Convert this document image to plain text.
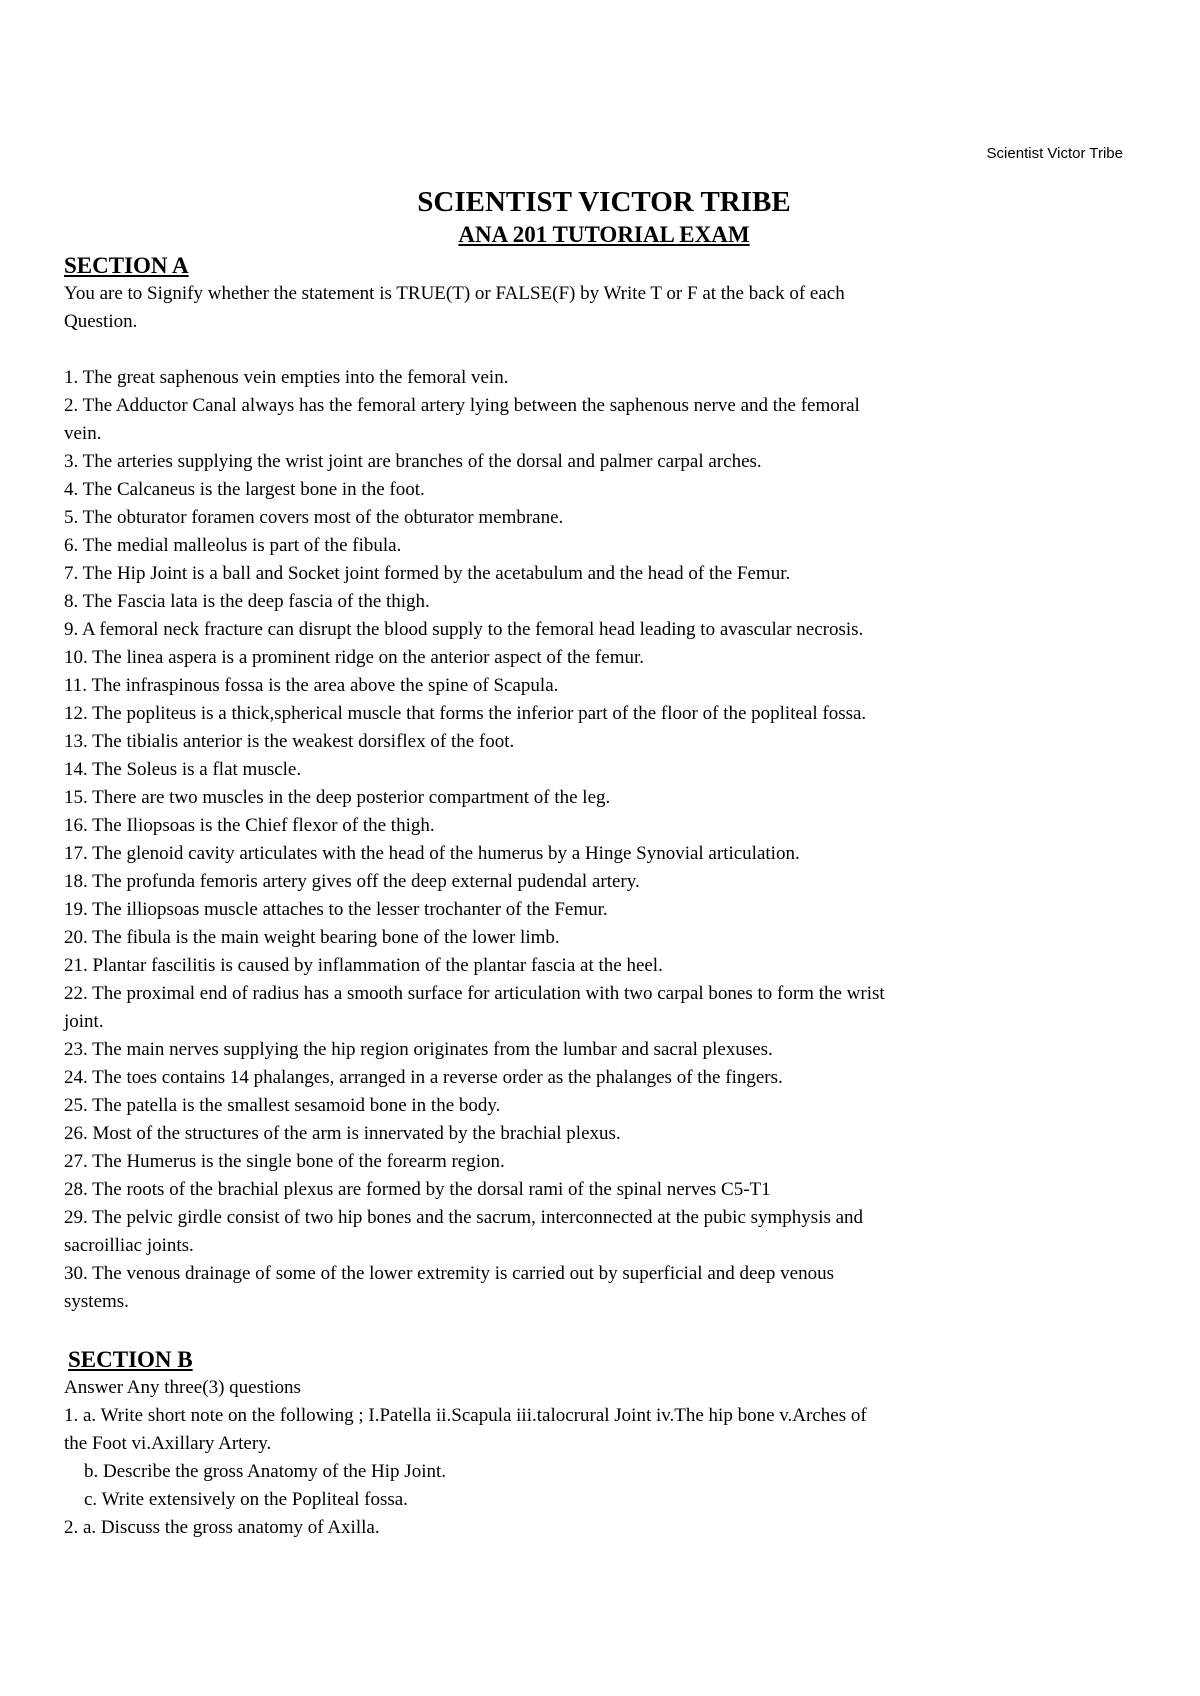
Scientist Victor Tribe

SCIENTIST VICTOR TRIBE

ANA 201 TUTORIAL EXAM

SECTION A

You are to Signify whether the statement is TRUE(T) or FALSE(F) by Write T or F at the back of each

Question.

1. The great saphenous vein empties into the femoral vein.

2. The Adductor Canal always has the femoral artery lying between the saphenous nerve and the femoral

vein.

3. The arteries supplying the wrist joint are branches of the dorsal and palmer carpal arches.

4. The Calcaneus is the largest bone in the foot.

5. The obturator foramen covers most of the obturator membrane.

6. The medial malleolus is part of the fibula.

7. The Hip Joint is a ball and Socket joint formed by the acetabulum and the head of the Femur.

8. The Fascia lata is the deep fascia of the thigh.

9. A femoral neck fracture can disrupt the blood supply to the femoral head leading to avascular necrosis.

10. The linea aspera is a prominent ridge on the anterior aspect of the femur.

11. The infraspinous fossa is the area above the spine of Scapula.

12. The popliteus is a thick,spherical muscle that forms the inferior part of the floor of the popliteal fossa.

13. The tibialis anterior is the weakest dorsiflex of the foot.

14. The Soleus is a flat muscle.

15. There are two muscles in the deep posterior compartment of the leg.

16. The Iliopsoas is the Chief flexor of the thigh.

17. The glenoid cavity articulates with the head of the humerus by a Hinge Synovial articulation.

18. The profunda femoris artery gives off the deep external pudendal artery.

19. The illiopsoas muscle attaches to the lesser trochanter of the Femur.

20. The fibula is the main weight bearing bone of the lower limb.

21. Plantar fascilitis is caused by inflammation of the plantar fascia at the heel.

22. The proximal end of radius has a smooth surface for articulation with two carpal bones to form the wrist

joint.

23. The main nerves supplying the hip region originates from the lumbar and sacral plexuses.

24. The toes contains 14 phalanges, arranged in a reverse order as the phalanges of the fingers.

25. The patella is the smallest sesamoid bone in the body.

26. Most of the structures of the arm is innervated by the brachial plexus.

27. The Humerus is the single bone of the forearm region.

28. The roots of the brachial plexus are formed by the dorsal rami of the spinal nerves C5-T1

29. The pelvic girdle consist of two hip bones and the sacrum, interconnected at the pubic symphysis and

sacroilliac joints.

30. The venous drainage of some of the lower extremity is carried out by superficial and deep venous

systems.

SECTION B

Answer Any three(3) questions

1. a. Write short note on the following ; I.Patella ii.Scapula iii.talocrural Joint iv.The hip bone v.Arches of

the Foot vi.Axillary Artery.

b. Describe the gross Anatomy of the Hip Joint.

c. Write extensively on the Popliteal fossa.

2. a. Discuss the gross anatomy of Axilla.
